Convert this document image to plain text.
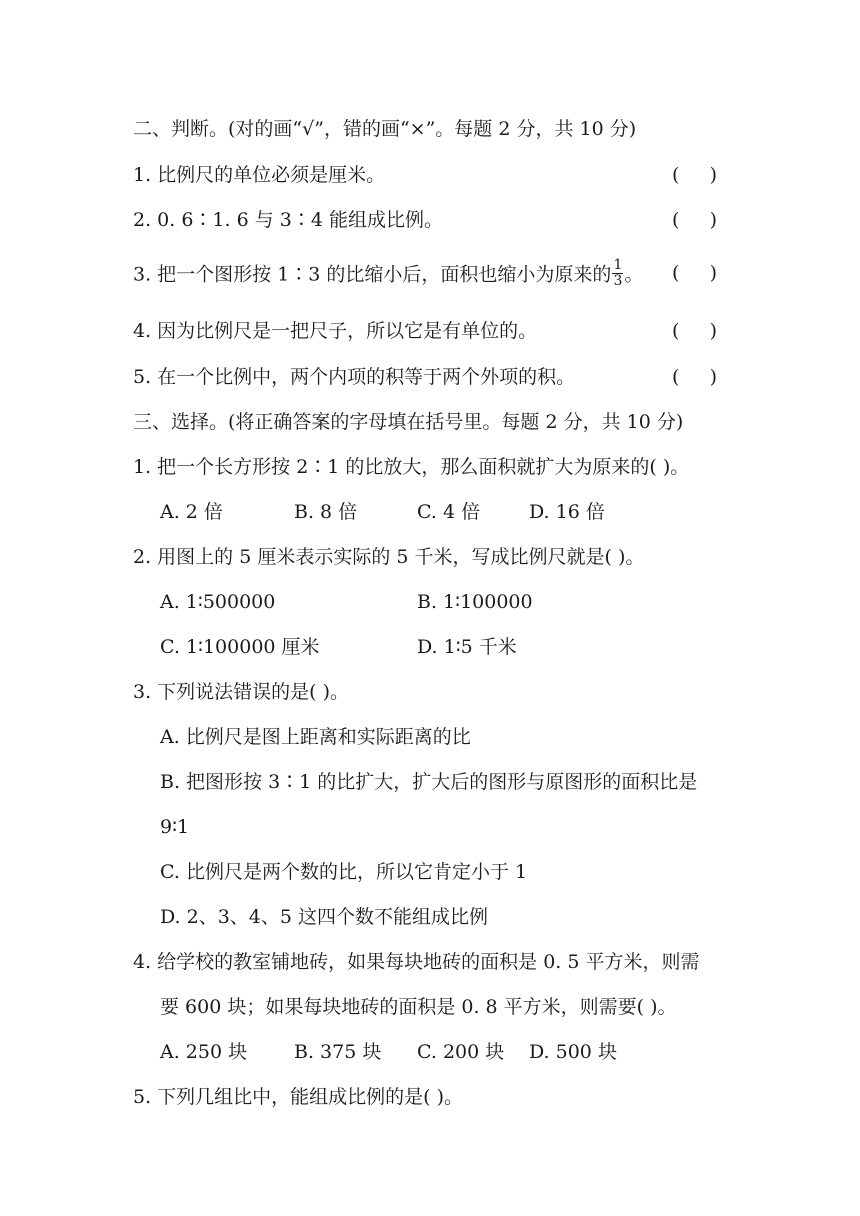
二、判断。(对的画“√”，错的画“×”。每题 2 分，共 10 分)
1. 比例尺的单位必须是厘米。	(     )
2. 0. 6∶1. 6 与 3∶4 能组成比例。	(     )
3. 把一个图形按 1∶3 的比缩小后，面积也缩小为原来的 $\frac{1}{3}$ 。 (     )
4. 因为比例尺是一把尺子，所以它是有单位的。	(     )
5. 在一个比例中，两个内项的积等于两个外项的积。	(     )
三、选择。(将正确答案的字母填在括号里。每题 2 分，共 10 分)
1. 把一个长方形按 2∶1 的比放大，那么面积就扩大为原来的( )。
A. 2 倍	B. 8 倍	C. 4 倍	D. 16 倍
2. 用图上的 5 厘米表示实际的 5 千米，写成比例尺就是( )。
A. 1∶500000	B. 1∶100000
C. 1∶100000 厘米	D. 1∶5 千米
3. 下列说法错误的是( )。
A. 比例尺是图上距离和实际距离的比
B. 把图形按 3∶1 的比扩大，扩大后的图形与原图形的面积比是
9∶1
C. 比例尺是两个数的比，所以它肯定小于 1
D. 2、3、4、5 这四个数不能组成比例
4. 给学校的教室铺地砖，如果每块地砖的面积是 0. 5 平方米，则需
要 600 块；如果每块地砖的面积是 0. 8 平方米，则需要( )。
A. 250 块 B. 375 块 C. 200 块 D. 500 块
5. 下列几组比中，能组成比例的是( )。
